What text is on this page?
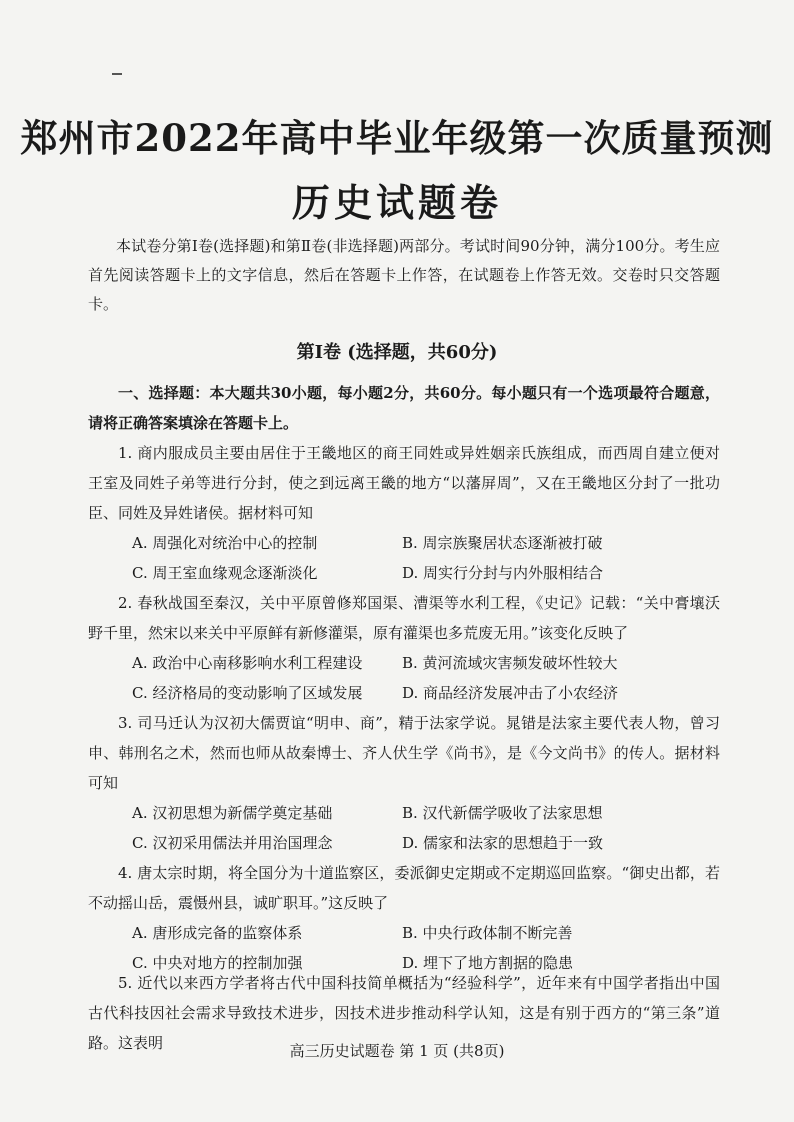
郑州市2022年高中毕业年级第一次质量预测
历史试题卷
本试卷分第Ⅰ卷(选择题)和第Ⅱ卷(非选择题)两部分。考试时间90分钟，满分100分。考生应首先阅读答题卡上的文字信息，然后在答题卡上作答，在试题卷上作答无效。交卷时只交答题卡。
第Ⅰ卷 (选择题，共60分)
一、选择题：本大题共30小题，每小题2分，共60分。每小题只有一个选项最符合题意，请将正确答案填涂在答题卡上。
1. 商内服成员主要由居住于王畿地区的商王同姓或异姓姻亲氏族组成，而西周自建立便对王室及同姓子弟等进行分封，使之到远离王畿的地方“以藩屏周”，又在王畿地区分封了一批功臣、同姓及异姓诸侯。据材料可知
A. 周强化对统治中心的控制	B. 周宗族聚居状态逐渐被打破
C. 周王室血缘观念逐渐淡化	D. 周实行分封与内外服相结合
2. 春秋战国至秦汉，关中平原曾修郑国渠、漕渠等水利工程，《史记》记载：“关中膏壤沃野千里，然宋以来关中平原鲜有新修灌渠，原有灌渠也多荒废无用。”该变化反映了
A. 政治中心南移影响水利工程建设	B. 黄河流域灾害频发破坏性较大
C. 经济格局的变动影响了区域发展	D. 商品经济发展冲击了小农经济
3. 司马迁认为汉初大儒贾谊“明申、商”，精于法家学说。晁错是法家主要代表人物，曾习申、韩刑名之术，然而也师从故秦博士、齐人伏生学《尚书》，是《今文尚书》的传人。据材料可知
A. 汉初思想为新儒学奠定基础	B. 汉代新儒学吸收了法家思想
C. 汉初采用儒法并用治国理念	D. 儒家和法家的思想趋于一致
4. 唐太宗时期，将全国分为十道监察区，委派御史定期或不定期巡回监察。“御史出都，若不动摇山岳，震慑州县，诚旷职耳。”这反映了
A. 唐形成完备的监察体系	B. 中央行政体制不断完善
C. 中央对地方的控制加强	D. 埋下了地方割据的隐患
5. 近代以来西方学者将古代中国科技简单概括为“经验科学”，近年来有中国学者指出中国古代科技因社会需求导致技术进步，因技术进步推动科学认知，这是有别于西方的“第三条”道路。这表明	高三历史试题卷 第 1 页 (共8页)
